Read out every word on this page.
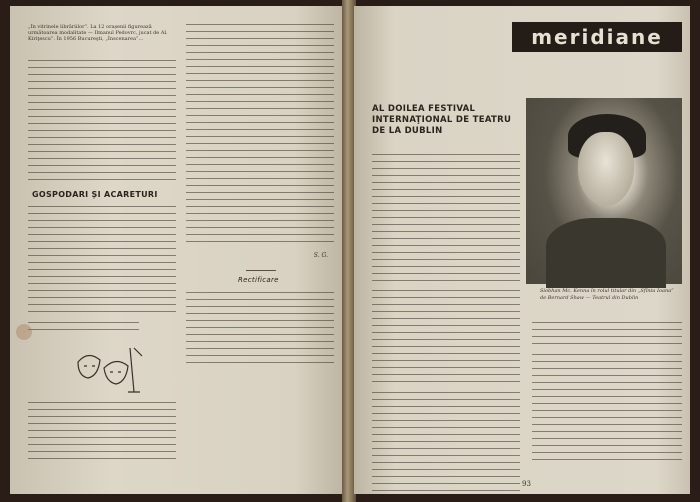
„În vitrinele librăriilor”. La 12 orașenii figurează următoarea modalitate — Ilmanul Pedovrc, jucat de Al. Kiriţescu”. În 1956 Bucureşti, „Înscenarea”...
GOSPODARI ȘI ACARETURI
S. G.
Rectificare
meridiane
AL DOILEA FESTIVAL INTERNAŢIONAL DE TEATRU DE LA DUBLIN
Siobhan Mc. Kenna în rolul titular din „Sfînta Ioana” de Bernard Shaw — Teatrul din Dublin
93
